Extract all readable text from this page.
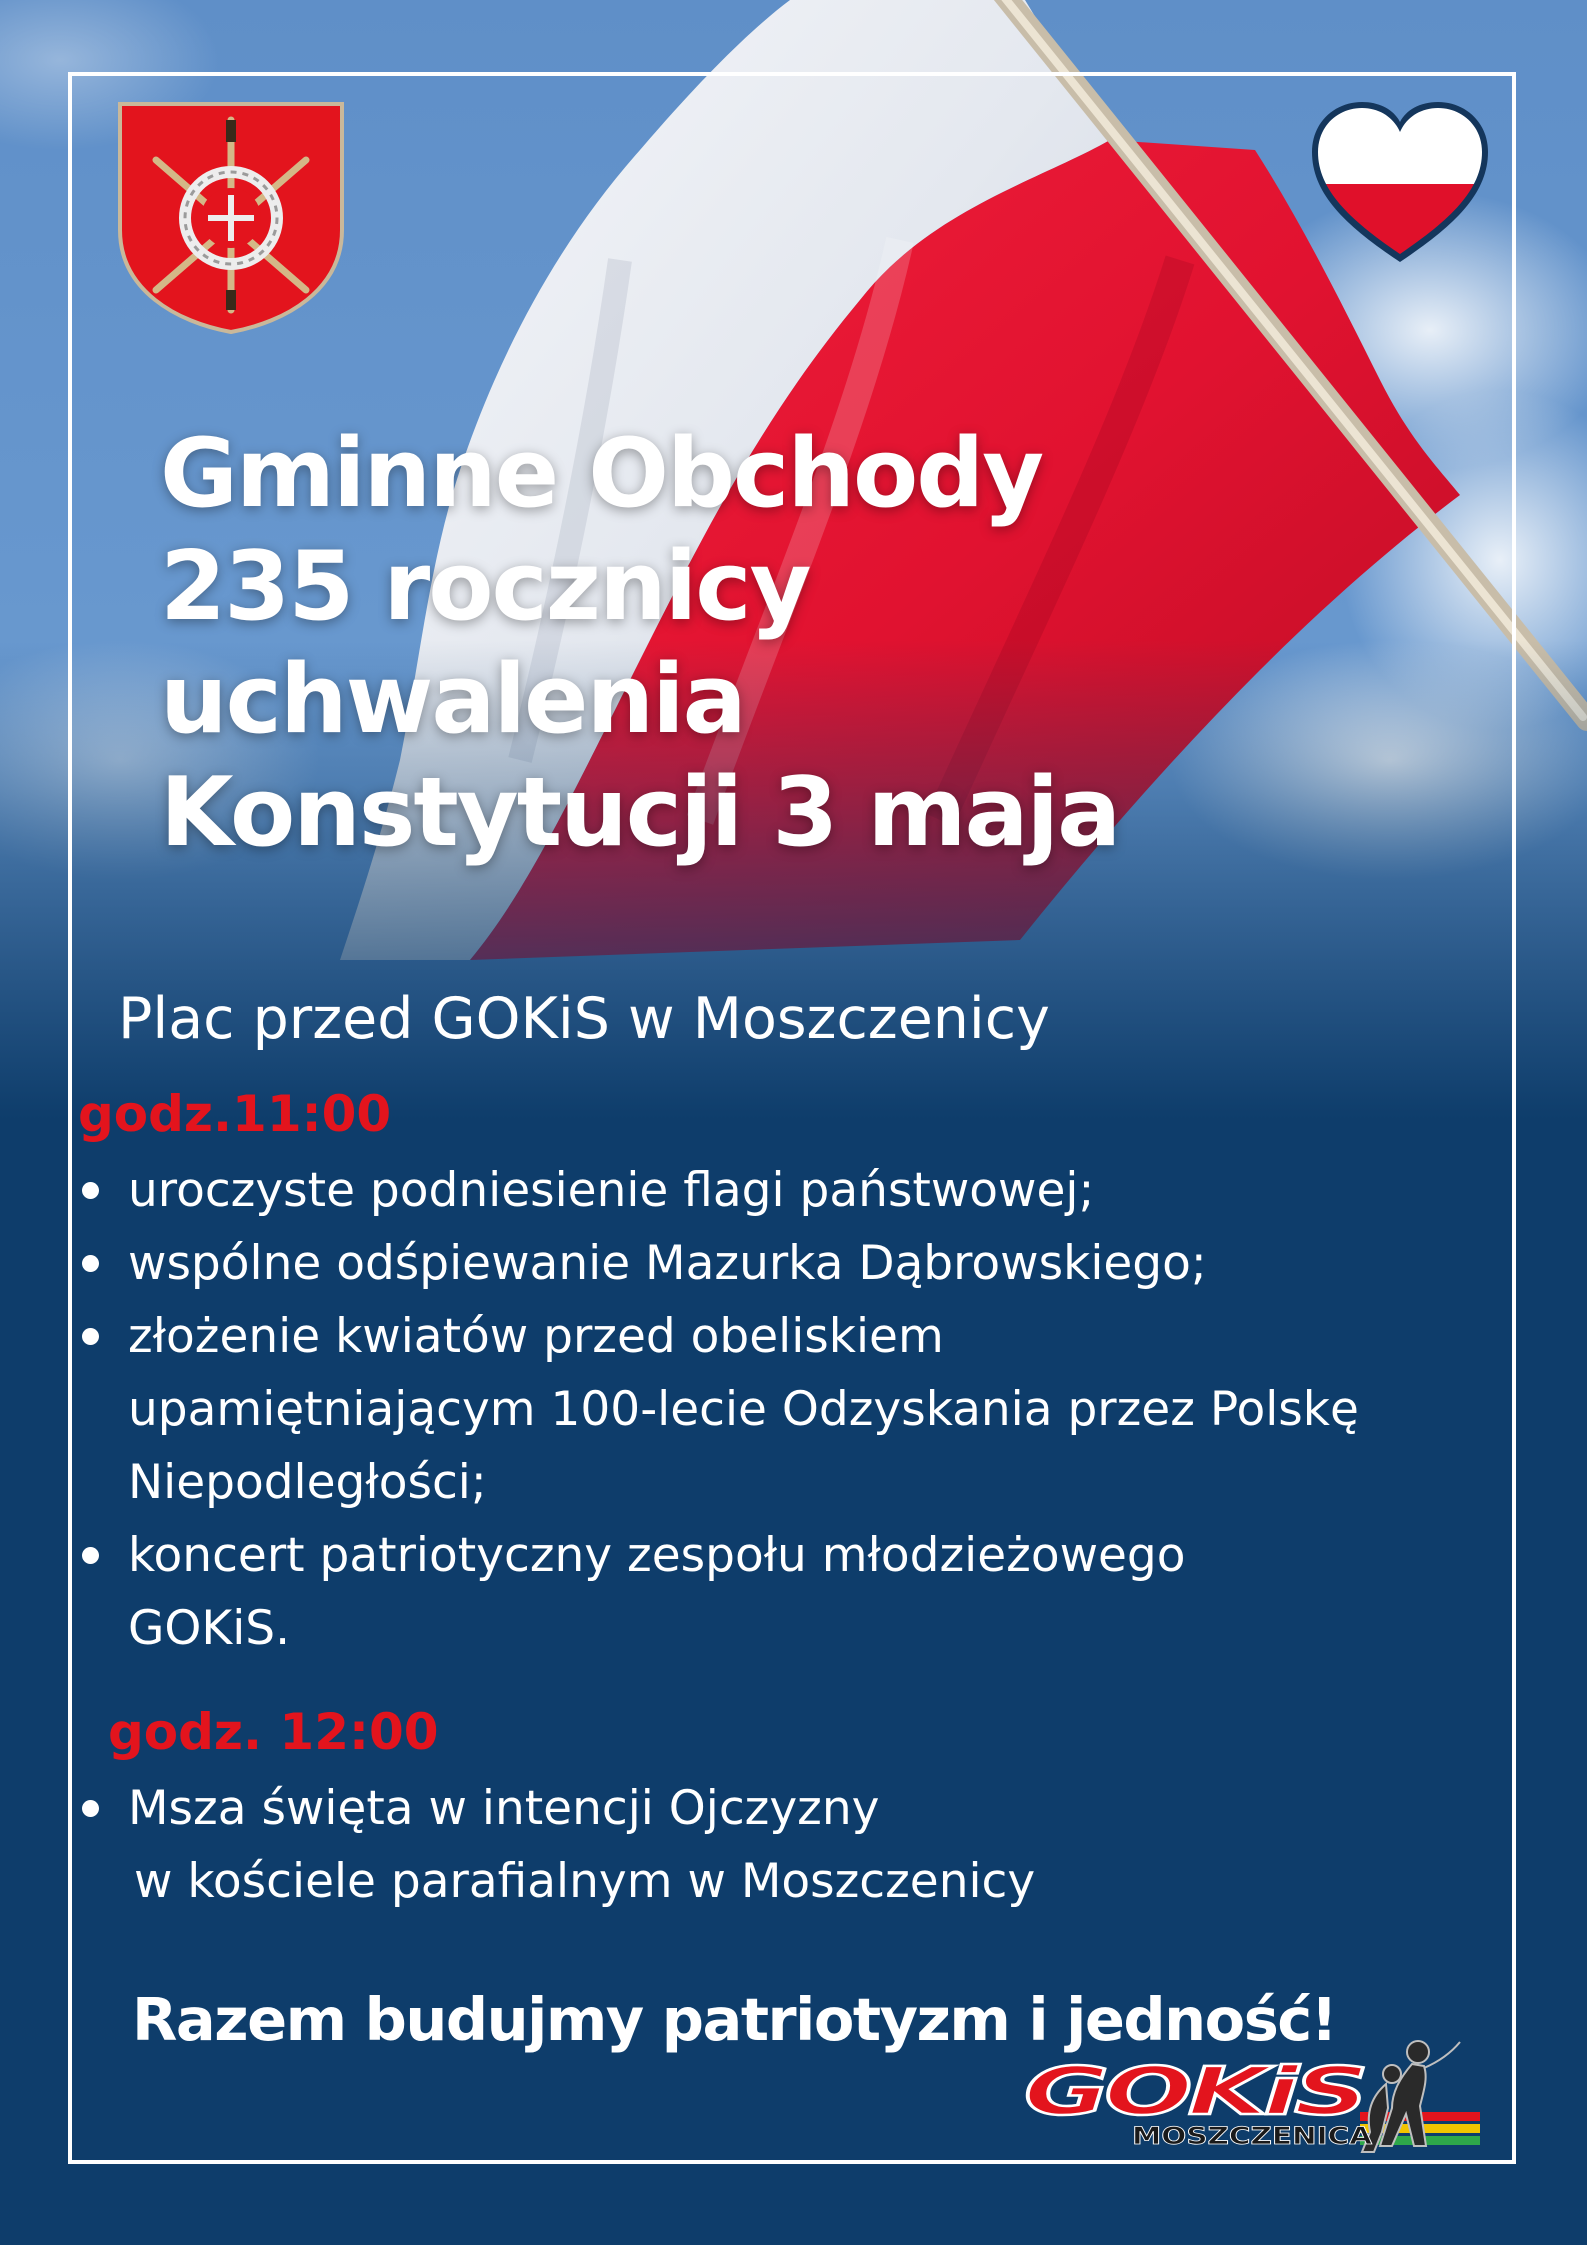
Gminne Obchody
235 rocznicy
uchwalenia
Konstytucji 3 maja
Plac przed GOKiS w Moszczenicy
godz.11:00
uroczyste podniesienie flagi państwowej;
wspólne odśpiewanie Mazurka Dąbrowskiego;
złożenie kwiatów przed obeliskiem
upamiętniającym 100-lecie Odzyskania przez Polskę
Niepodległości;
koncert patriotyczny zespołu młodzieżowego
GOKiS.
godz. 12:00
Msza święta w intencji Ojczyzny
w kościele parafialnym w Moszczenicy
Razem budujmy patriotyzm i jedność!
GOKiS
MOSZCZENICA
